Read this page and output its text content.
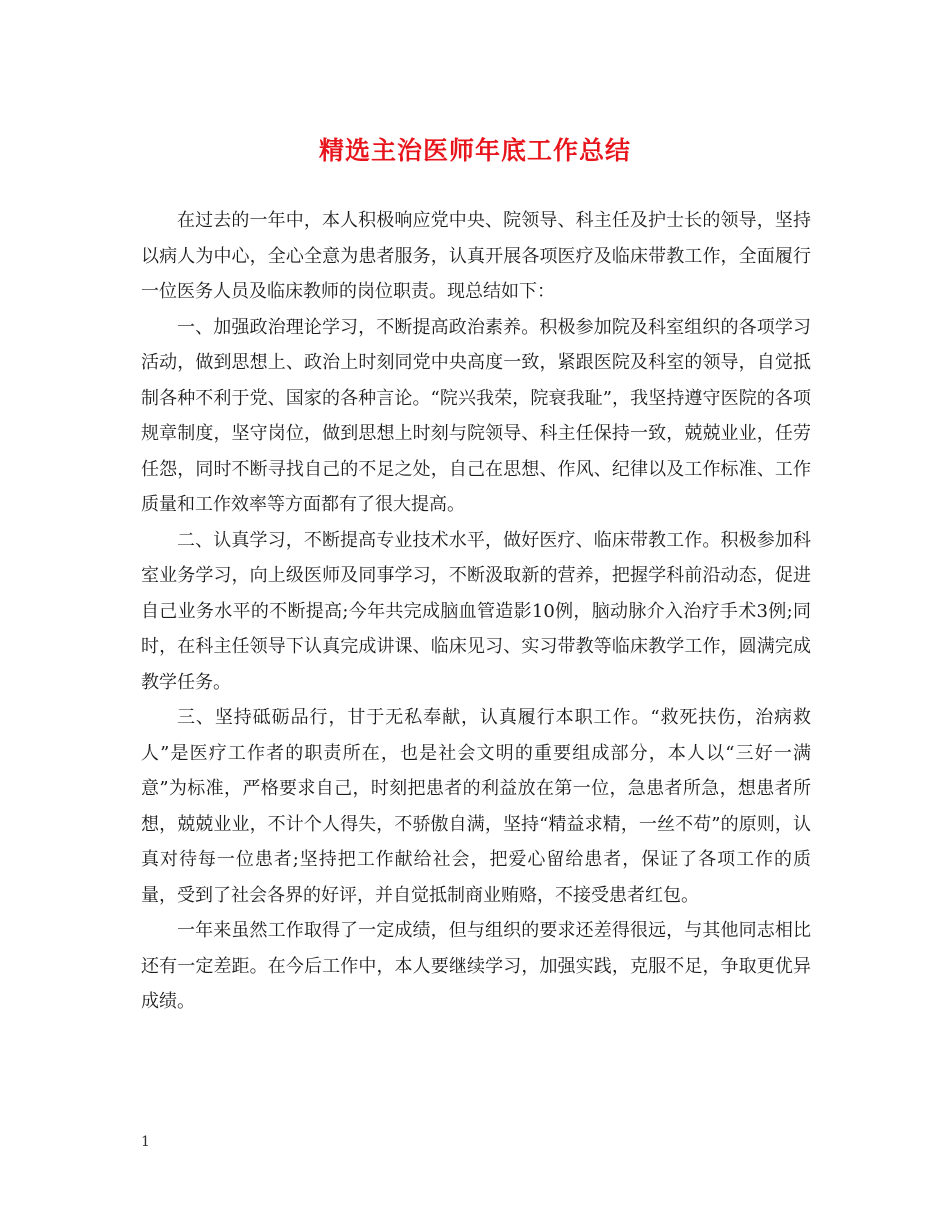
精选主治医师年底工作总结

在过去的一年中，本人积极响应党中央、院领导、科主任及护士长的领导，坚持以病人为中心，全心全意为患者服务，认真开展各项医疗及临床带教工作，全面履行一位医务人员及临床教师的岗位职责。现总结如下：

一、加强政治理论学习，不断提高政治素养。积极参加院及科室组织的各项学习活动，做到思想上、政治上时刻同党中央高度一致，紧跟医院及科室的领导，自觉抵制各种不利于党、国家的各种言论。“院兴我荣，院衰我耻”，我坚持遵守医院的各项规章制度，坚守岗位，做到思想上时刻与院领导、科主任保持一致，兢兢业业，任劳任怨，同时不断寻找自己的不足之处，自己在思想、作风、纪律以及工作标准、工作质量和工作效率等方面都有了很大提高。

二、认真学习，不断提高专业技术水平，做好医疗、临床带教工作。积极参加科室业务学习，向上级医师及同事学习，不断汲取新的营养，把握学科前沿动态，促进自己业务水平的不断提高;今年共完成脑血管造影10例，脑动脉介入治疗手术3例;同时，在科主任领导下认真完成讲课、临床见习、实习带教等临床教学工作，圆满完成教学任务。

三、坚持砥砺品行，甘于无私奉献，认真履行本职工作。“救死扶伤，治病救人”是医疗工作者的职责所在，也是社会文明的重要组成部分，本人以“三好一满意”为标准，严格要求自己，时刻把患者的利益放在第一位，急患者所急，想患者所想，兢兢业业，不计个人得失，不骄傲自满，坚持“精益求精，一丝不苟”的原则，认真对待每一位患者;坚持把工作献给社会，把爱心留给患者，保证了各项工作的质量，受到了社会各界的好评，并自觉抵制商业贿赂，不接受患者红包。

一年来虽然工作取得了一定成绩，但与组织的要求还差得很远，与其他同志相比还有一定差距。在今后工作中，本人要继续学习，加强实践，克服不足，争取更优异成绩。

1
